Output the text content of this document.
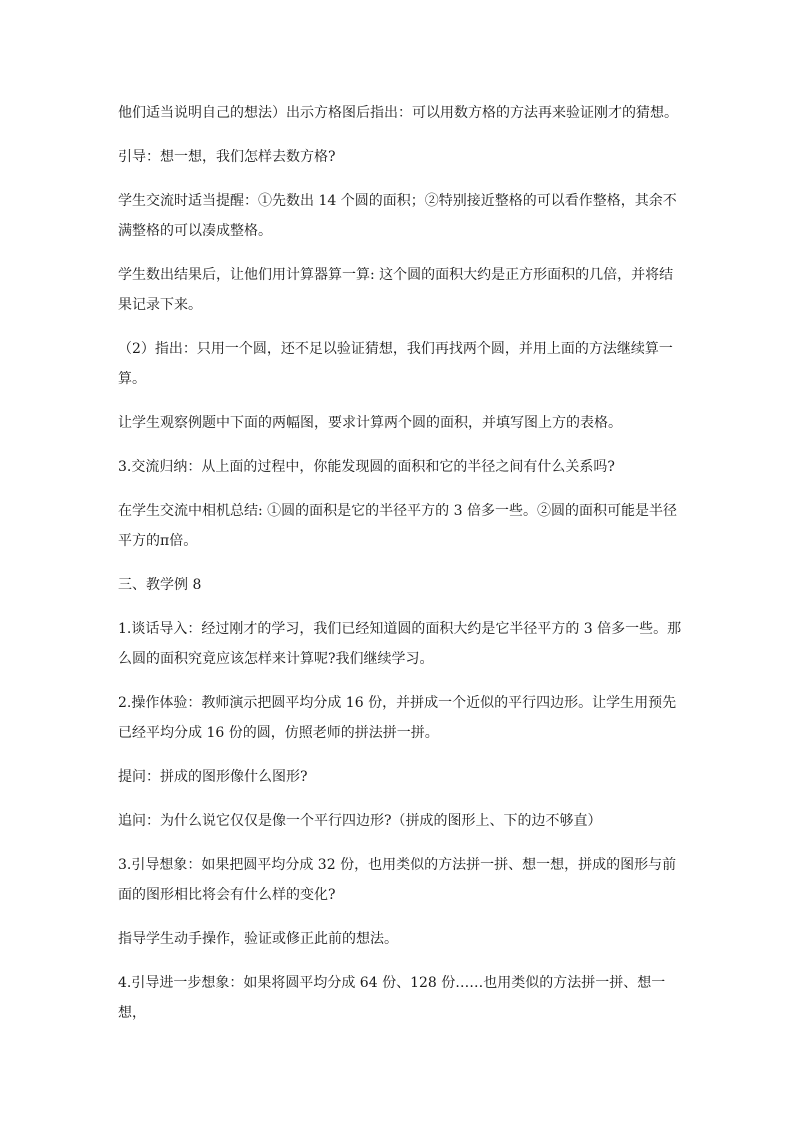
他们适当说明自己的想法）出示方格图后指出：可以用数方格的方法再来验证刚才的猜想。

引导：想一想，我们怎样去数方格?

学生交流时适当提醒：①先数出 14 个圆的面积；②特别接近整格的可以看作整格，其余不满整格的可以凑成整格。

学生数出结果后，让他们用计算器算一算: 这个圆的面积大约是正方形面积的几倍，并将结果记录下来。

（2）指出：只用一个圆，还不足以验证猜想，我们再找两个圆，并用上面的方法继续算一算。

让学生观察例题中下面的两幅图，要求计算两个圆的面积，并填写图上方的表格。

3.交流归纳：从上面的过程中，你能发现圆的面积和它的半径之间有什么关系吗?

在学生交流中相机总结: ①圆的面积是它的半径平方的 3 倍多一些。②圆的面积可能是半径平方的π倍。

三、教学例 8

1.谈话导入：经过刚才的学习，我们已经知道圆的面积大约是它半径平方的 3 倍多一些。那么圆的面积究竟应该怎样来计算呢?我们继续学习。

2.操作体验：教师演示把圆平均分成 16 份，并拼成一个近似的平行四边形。让学生用预先已经平均分成 16 份的圆，仿照老师的拼法拼一拼。

提问：拼成的图形像什么图形?

追问：为什么说它仅仅是像一个平行四边形?（拼成的图形上、下的边不够直）

3.引导想象：如果把圆平均分成 32 份，也用类似的方法拼一拼、想一想，拼成的图形与前面的图形相比将会有什么样的变化?

指导学生动手操作，验证或修正此前的想法。

4.引导进一步想象：如果将圆平均分成 64 份、128 份……也用类似的方法拼一拼、想一想，
